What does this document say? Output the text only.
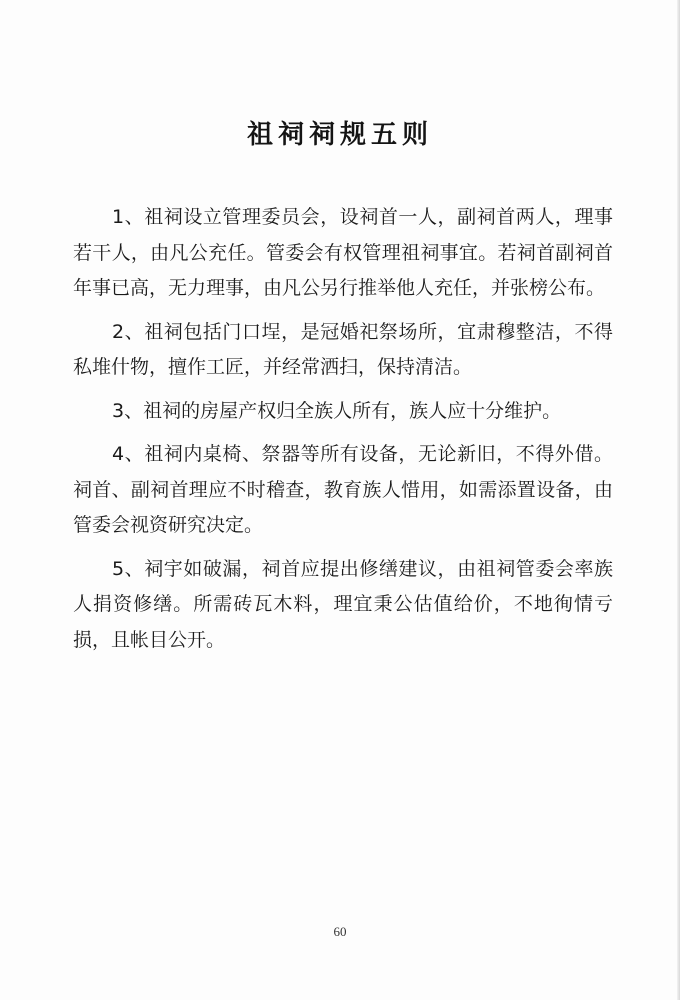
祖祠祠规五则

1、祖祠设立管理委员会，设祠首一人，副祠首两人，理事若干人，由凡公充任。管委会有权管理祖祠事宜。若祠首副祠首年事已高，无力理事，由凡公另行推举他人充任，并张榜公布。

2、祖祠包括门口埕，是冠婚祀祭场所，宜肃穆整洁，不得私堆什物，擅作工匠，并经常洒扫，保持清洁。

3、祖祠的房屋产权归全族人所有，族人应十分维护。

4、祖祠内桌椅、祭器等所有设备，无论新旧，不得外借。祠首、副祠首理应不时稽查，教育族人惜用，如需添置设备，由管委会视资研究决定。

5、祠宇如破漏，祠首应提出修缮建议，由祖祠管委会率族人捐资修缮。所需砖瓦木料，理宜秉公估值给价，不地徇情亏损，且帐目公开。

60
